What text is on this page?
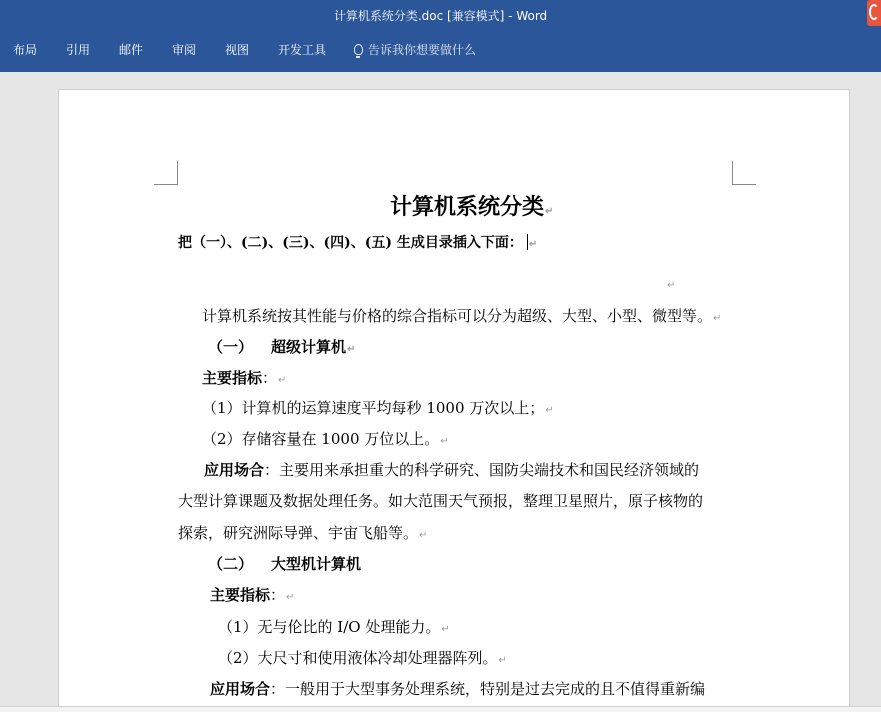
计算机系统分类.doc [兼容模式] - Word
布局 引用 邮件 审阅 视图 开发工具	告诉我你想要做什么
计算机系统分类↵
把（一）、(二)、(三)、(四)、(五) 生成目录插入下面： ↵
↵
计算机系统按其性能与价格的综合指标可以分为超级、大型、小型、微型等。↵
（一） 超级计算机↵
主要指标：↵
（1）计算机的运算速度平均每秒 1000 万次以上；↵
（2）存储容量在 1000 万位以上。↵
应用场合：主要用来承担重大的科学研究、国防尖端技术和国民经济领域的
大型计算课题及数据处理任务。如大范围天气预报，整理卫星照片，原子核物的
探索，研究洲际导弹、宇宙飞船等。↵
（二） 大型机计算机
主要指标：↵
（1）无与伦比的 I/O 处理能力。↵
（2）大尺寸和使用液体冷却处理器阵列。↵
应用场合：一般用于大型事务处理系统，特别是过去完成的且不值得重新编
